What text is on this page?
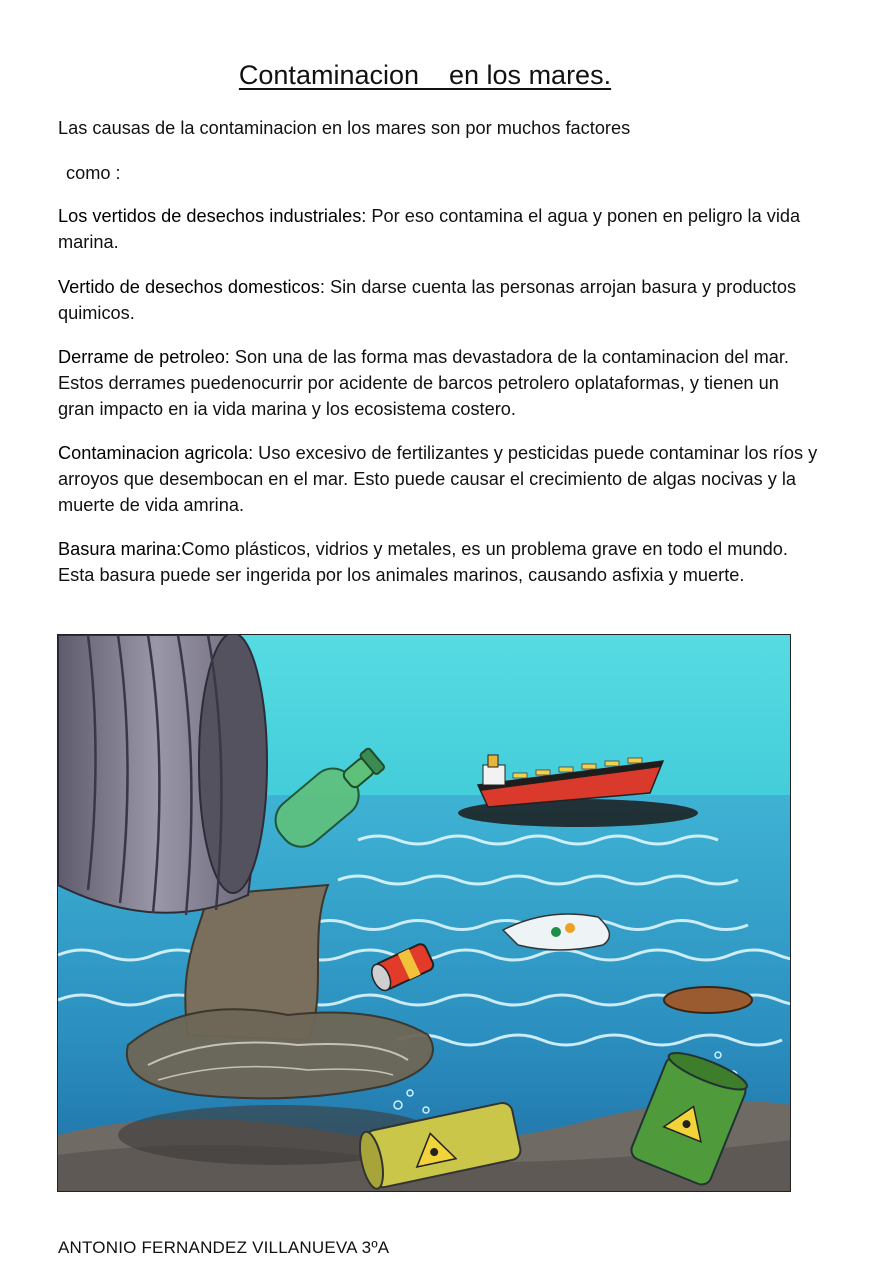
Contaminacion    en los mares.

Las causas de la contaminacion en los mares son por muchos factores

como :

Los vertidos de desechos industriales: Por eso contamina el agua y ponen en peligro la vida marina.

Vertido de desechos domesticos: Sin darse cuenta las personas arrojan basura y productos quimicos.

Derrame de petroleo: Son una de las forma mas devastadora de la contaminacion del mar. Estos derrames puedenocurrir por acidente de barcos petrolero oplataformas, y tienen un gran impacto en ia vida marina y los ecosistema costero.

Contaminacion agricola: Uso excesivo de fertilizantes y pesticidas puede contaminar los ríos y arroyos que desembocan en el mar. Esto puede causar el crecimiento de algas nocivas y la muerte de vida amrina.

Basura marina:Como plásticos, vidrios y metales, es un problema grave en todo el mundo. Esta basura puede ser ingerida por los animales marinos, causando asfixia y muerte.

ANTONIO FERNANDEZ VILLANUEVA 3ºA
